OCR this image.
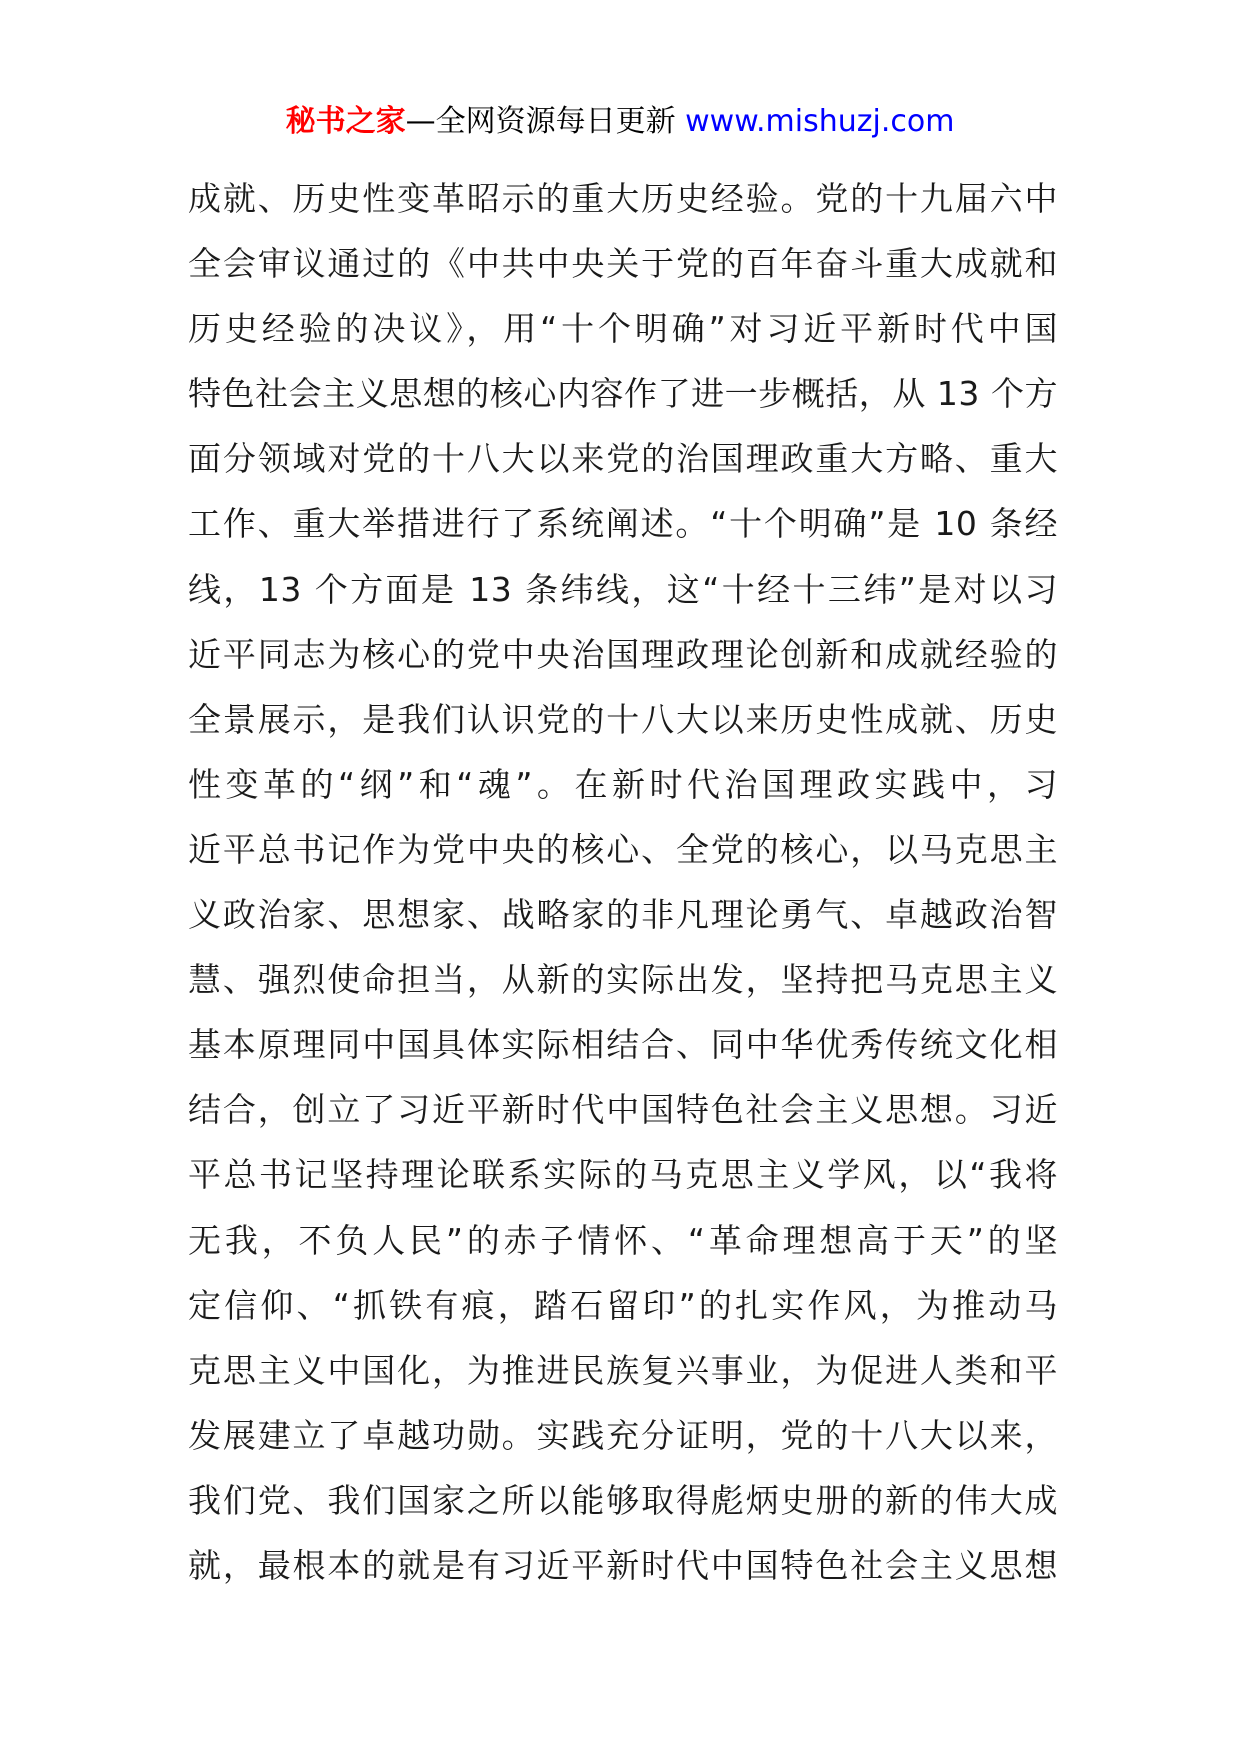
秘书之家—全网资源每日更新 www.mishuzj.com
成就、历史性变革昭示的重大历史经验。党的十九届六中
全会审议通过的《中共中央关于党的百年奋斗重大成就和
历史经验的决议》，用“十个明确”对习近平新时代中国
特色社会主义思想的核心内容作了进一步概括，从 13 个方
面分领域对党的十八大以来党的治国理政重大方略、重大
工作、重大举措进行了系统阐述。“十个明确”是 10 条经
线，13 个方面是 13 条纬线，这“十经十三纬”是对以习
近平同志为核心的党中央治国理政理论创新和成就经验的
全景展示，是我们认识党的十八大以来历史性成就、历史
性变革的“纲”和“魂”。在新时代治国理政实践中，习
近平总书记作为党中央的核心、全党的核心，以马克思主
义政治家、思想家、战略家的非凡理论勇气、卓越政治智
慧、强烈使命担当，从新的实际出发，坚持把马克思主义
基本原理同中国具体实际相结合、同中华优秀传统文化相
结合，创立了习近平新时代中国特色社会主义思想。习近
平总书记坚持理论联系实际的马克思主义学风，以“我将
无我，不负人民”的赤子情怀、“革命理想高于天”的坚
定信仰、“抓铁有痕，踏石留印”的扎实作风，为推动马
克思主义中国化，为推进民族复兴事业，为促进人类和平
发展建立了卓越功勋。实践充分证明，党的十八大以来，
我们党、我们国家之所以能够取得彪炳史册的新的伟大成
就，最根本的就是有习近平新时代中国特色社会主义思想
